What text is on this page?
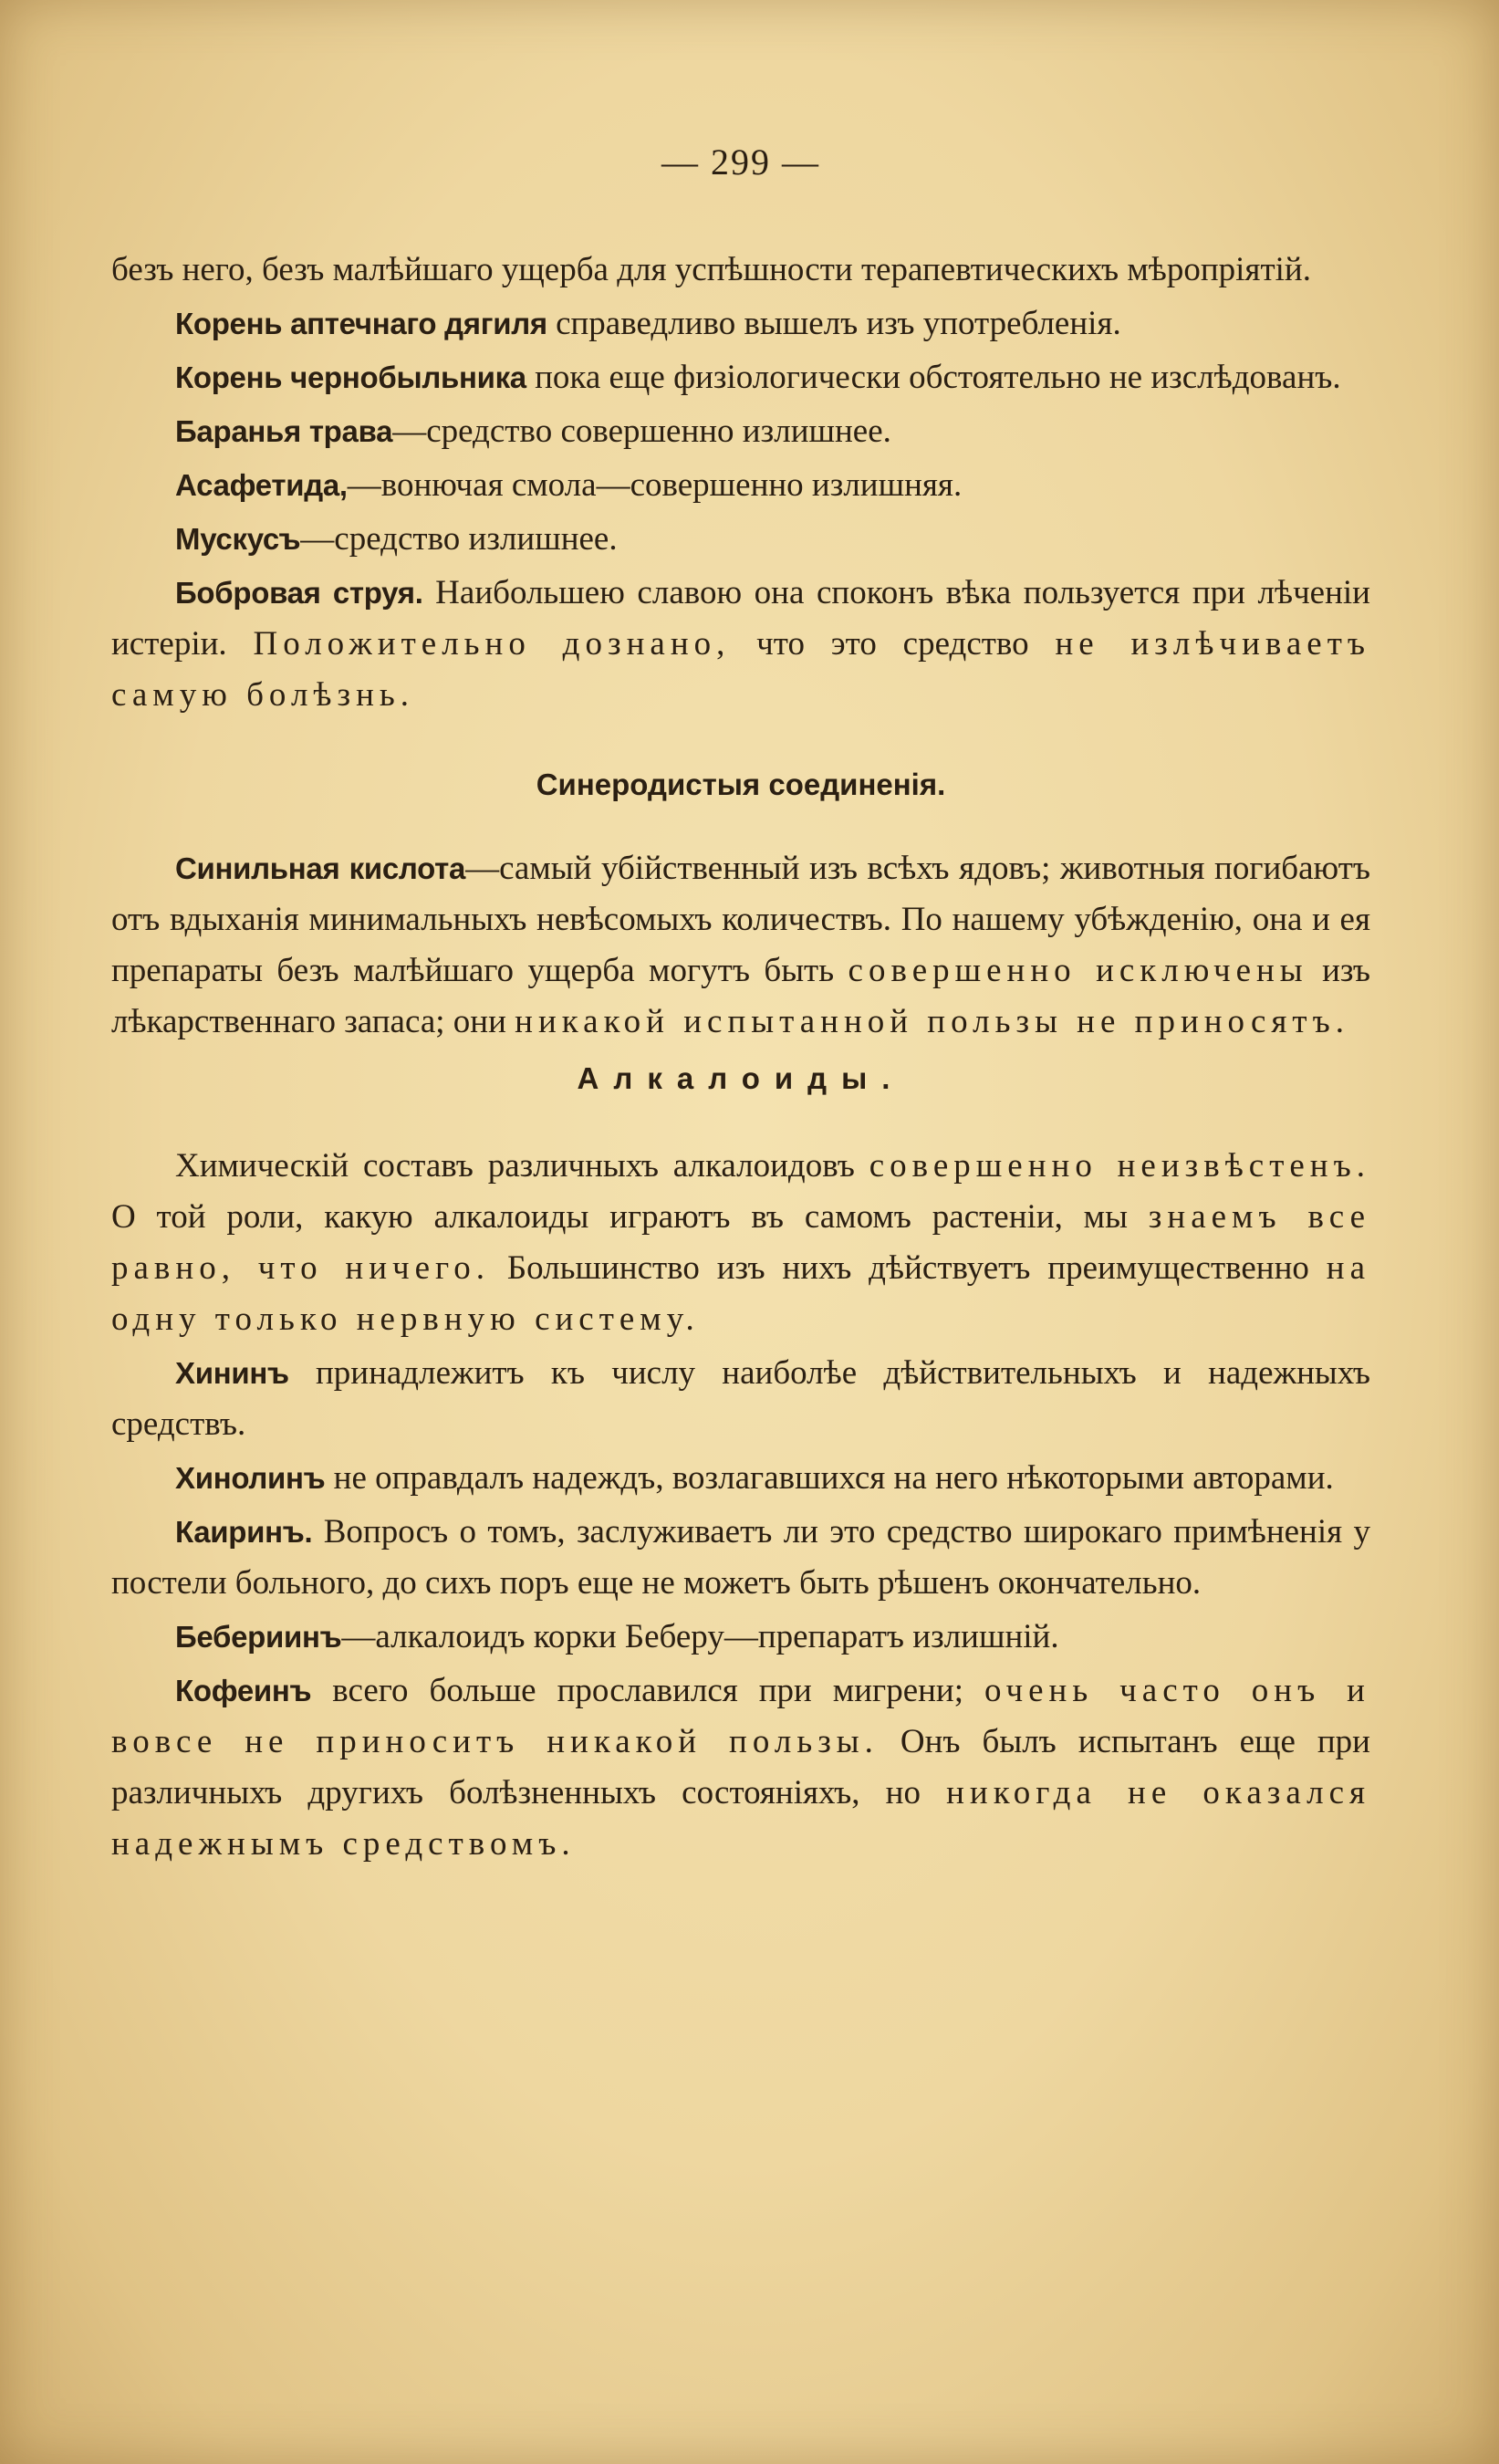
— 299 —

безъ него, безъ малѣйшаго ущерба для успѣшности терапевтическихъ мѣропріятій.

Корень аптечнаго дягиля справедливо вышелъ изъ употребленія.

Корень чернобыльника пока еще физіологически обстоятельно не изслѣдованъ.

Баранья трава—средство совершенно излишнее.

Асафетида,—вонючая смола—совершенно излишняя.

Мускусъ—средство излишнее.

Бобровая струя. Наибольшею славою она споконъ вѣка пользуется при лѣченіи истеріи. Положительно дознано, что это средство не излѣчиваетъ самую болѣзнь.

Синеродистыя соединенія.

Синильная кислота—самый убійственный изъ всѣхъ ядовъ; животныя погибаютъ отъ вдыханія минимальныхъ невѣсомыхъ количествъ. По нашему убѣжденію, она и ея препараты безъ малѣйшаго ущерба могутъ быть совершенно исключены изъ лѣкарственнаго запаса; они никакой испытанной пользы не приносятъ.

Алкалоиды.

Химическій составъ различныхъ алкалоидовъ совершенно неизвѣстенъ. О той роли, какую алкалоиды играютъ въ самомъ растеніи, мы знаемъ все равно, что ничего. Большинство изъ нихъ дѣйствуетъ преимущественно на одну только нервную систему.

Хининъ принадлежитъ къ числу наиболѣе дѣйствительныхъ и надежныхъ средствъ.

Хинолинъ не оправдалъ надеждъ, возлагавшихся на него нѣкоторыми авторами.

Каиринъ. Вопросъ о томъ, заслуживаетъ ли это средство широкаго примѣненія у постели больного, до сихъ поръ еще не можетъ быть рѣшенъ окончательно.

Бебериинъ—алкалоидъ корки Беберу—препаратъ излишній.

Кофеинъ всего больше прославился при мигрени; очень часто онъ и вовсе не приноситъ никакой пользы. Онъ былъ испытанъ еще при различныхъ другихъ болѣзненныхъ состояніяхъ, но никогда не оказался надежнымъ средствомъ.
